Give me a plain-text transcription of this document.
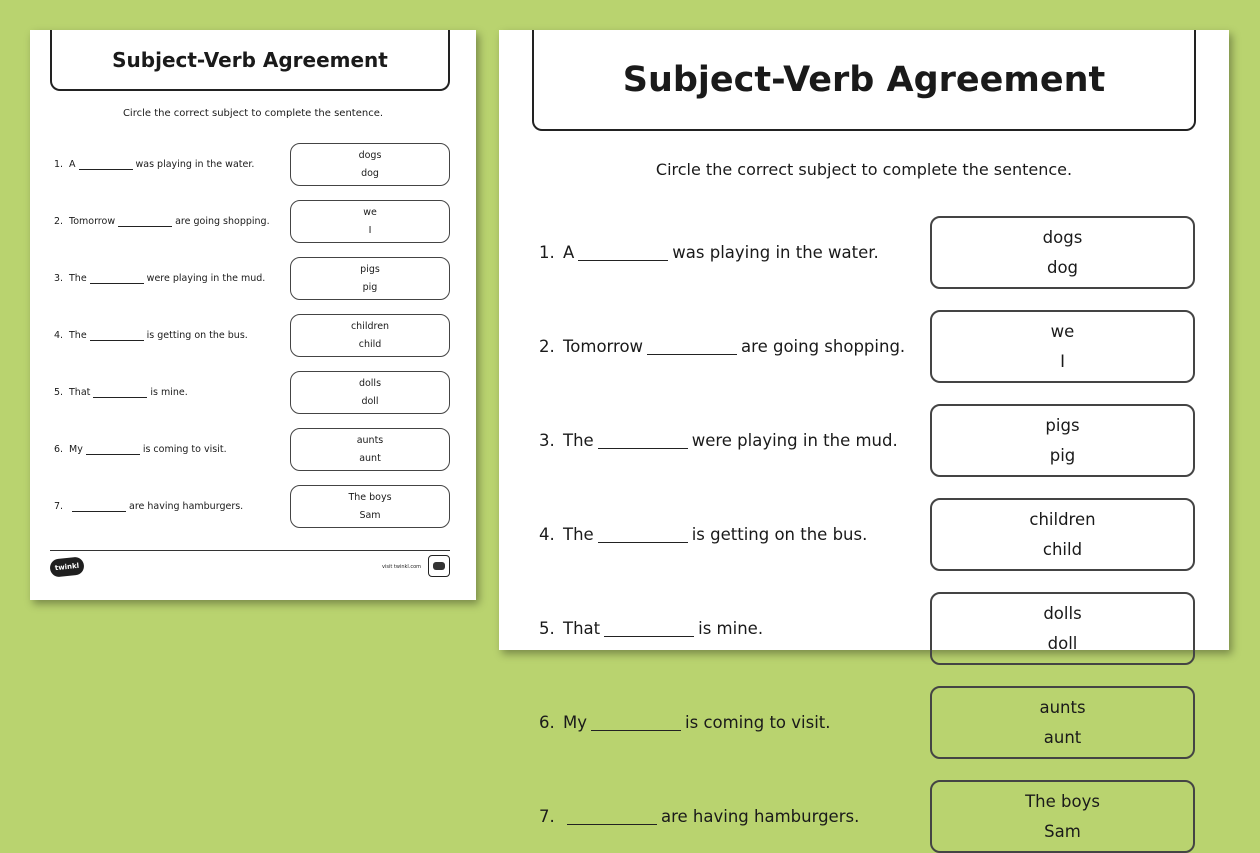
Subject-Verb Agreement
Circle the correct subject to complete the sentence.
1. A	was playing in the water.
dogs
dog
2. Tomorrow	are going shopping.
we
I
3. The	were playing in the mud.
pigs
pig
4. The	is getting on the bus.
children
child
5. That	is mine.
dolls
doll
6. My	is coming to visit.
aunts
aunt
7.	are having hamburgers.
The boys
Sam
twinkl	visit twinkl.com
Subject-Verb Agreement
Circle the correct subject to complete the sentence.
1. A	was playing in the water.
dogs
dog
2. Tomorrow	are going shopping.
we
I
3. The	were playing in the mud.
pigs
pig
4. The	is getting on the bus.
children
child
5. That	is mine.
dolls
doll
6. My	is coming to visit.
aunts
aunt
7.	are having hamburgers.
The boys
Sam
